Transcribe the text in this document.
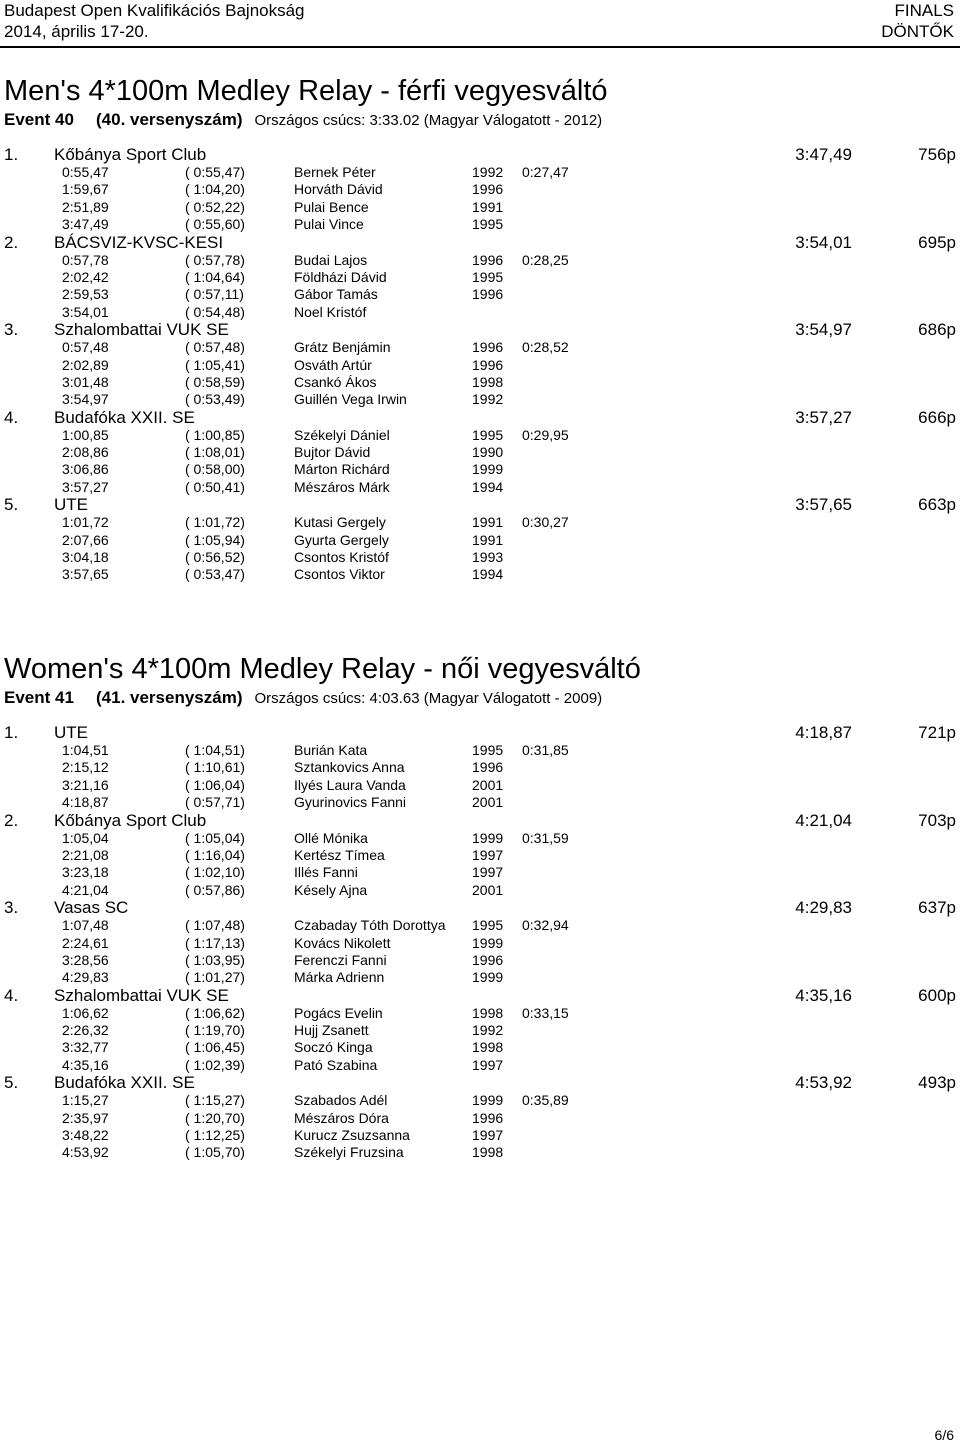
Budapest Open Kvalifikációs Bajnokság
2014, április 17-20.
FINALS
DÖNTŐK
Men's 4*100m Medley Relay - férfi vegyesváltó
Event 40 (40. versenyszám) Országos csúcs: 3:33.02 (Magyar Válogatott - 2012)
1. Kőbánya Sport Club	3:47,49	756p
0:55,47	( 0:55,47)	Bernek Péter	1992 0:27,47
1:59,67	( 1:04,20)	Horváth Dávid	1996
2:51,89	( 0:52,22)	Pulai Bence	1991
3:47,49	( 0:55,60)	Pulai Vince	1995
2. BÁCSVIZ-KVSC-KESI	3:54,01	695p
0:57,78	( 0:57,78)	Budai Lajos	1996 0:28,25
2:02,42	( 1:04,64)	Földházi Dávid	1995
2:59,53	( 0:57,11)	Gábor Tamás	1996
3:54,01	( 0:54,48)	Noel Kristóf
3. Szhalombattai VUK SE	3:54,97	686p
0:57,48	( 0:57,48)	Grátz Benjámin	1996 0:28,52
2:02,89	( 1:05,41)	Osváth Artúr	1996
3:01,48	( 0:58,59)	Csankó Ákos	1998
3:54,97	( 0:53,49)	Guillén Vega Irwin	1992
4. Budafóka XXII. SE	3:57,27	666p
1:00,85	( 1:00,85)	Székelyi Dániel	1995 0:29,95
2:08,86	( 1:08,01)	Bujtor Dávid	1990
3:06,86	( 0:58,00)	Márton Richárd	1999
3:57,27	( 0:50,41)	Mészáros Márk	1994
5. UTE	3:57,65	663p
1:01,72	( 1:01,72)	Kutasi Gergely	1991 0:30,27
2:07,66	( 1:05,94)	Gyurta Gergely	1991
3:04,18	( 0:56,52)	Csontos Kristóf	1993
3:57,65	( 0:53,47)	Csontos Viktor	1994
Women's 4*100m Medley Relay - női vegyesváltó
Event 41 (41. versenyszám) Országos csúcs: 4:03.63 (Magyar Válogatott - 2009)
1. UTE	4:18,87	721p
1:04,51	( 1:04,51)	Burián Kata	1995 0:31,85
2:15,12	( 1:10,61)	Sztankovics Anna	1996
3:21,16	( 1:06,04)	Ilyés Laura Vanda	2001
4:18,87	( 0:57,71)	Gyurinovics Fanni	2001
2. Kőbánya Sport Club	4:21,04	703p
1:05,04	( 1:05,04)	Ollé Mónika	1999 0:31,59
2:21,08	( 1:16,04)	Kertész Tímea	1997
3:23,18	( 1:02,10)	Illés Fanni	1997
4:21,04	( 0:57,86)	Késely Ajna	2001
3. Vasas SC	4:29,83	637p
1:07,48	( 1:07,48)	Czabaday Tóth Dorottya 1995 0:32,94
2:24,61	( 1:17,13)	Kovács Nikolett	1999
3:28,56	( 1:03,95)	Ferenczi Fanni	1996
4:29,83	( 1:01,27)	Márka Adrienn	1999
4. Szhalombattai VUK SE	4:35,16	600p
1:06,62	( 1:06,62)	Pogács Evelin	1998 0:33,15
2:26,32	( 1:19,70)	Hujj Zsanett	1992
3:32,77	( 1:06,45)	Soczó Kinga	1998
4:35,16	( 1:02,39)	Pató Szabina	1997
5. Budafóka XXII. SE	4:53,92	493p
1:15,27	( 1:15,27)	Szabados Adél	1999 0:35,89
2:35,97	( 1:20,70)	Mészáros Dóra	1996
3:48,22	( 1:12,25)	Kurucz Zsuzsanna	1997
4:53,92	( 1:05,70)	Székelyi Fruzsina	1998
6/6
